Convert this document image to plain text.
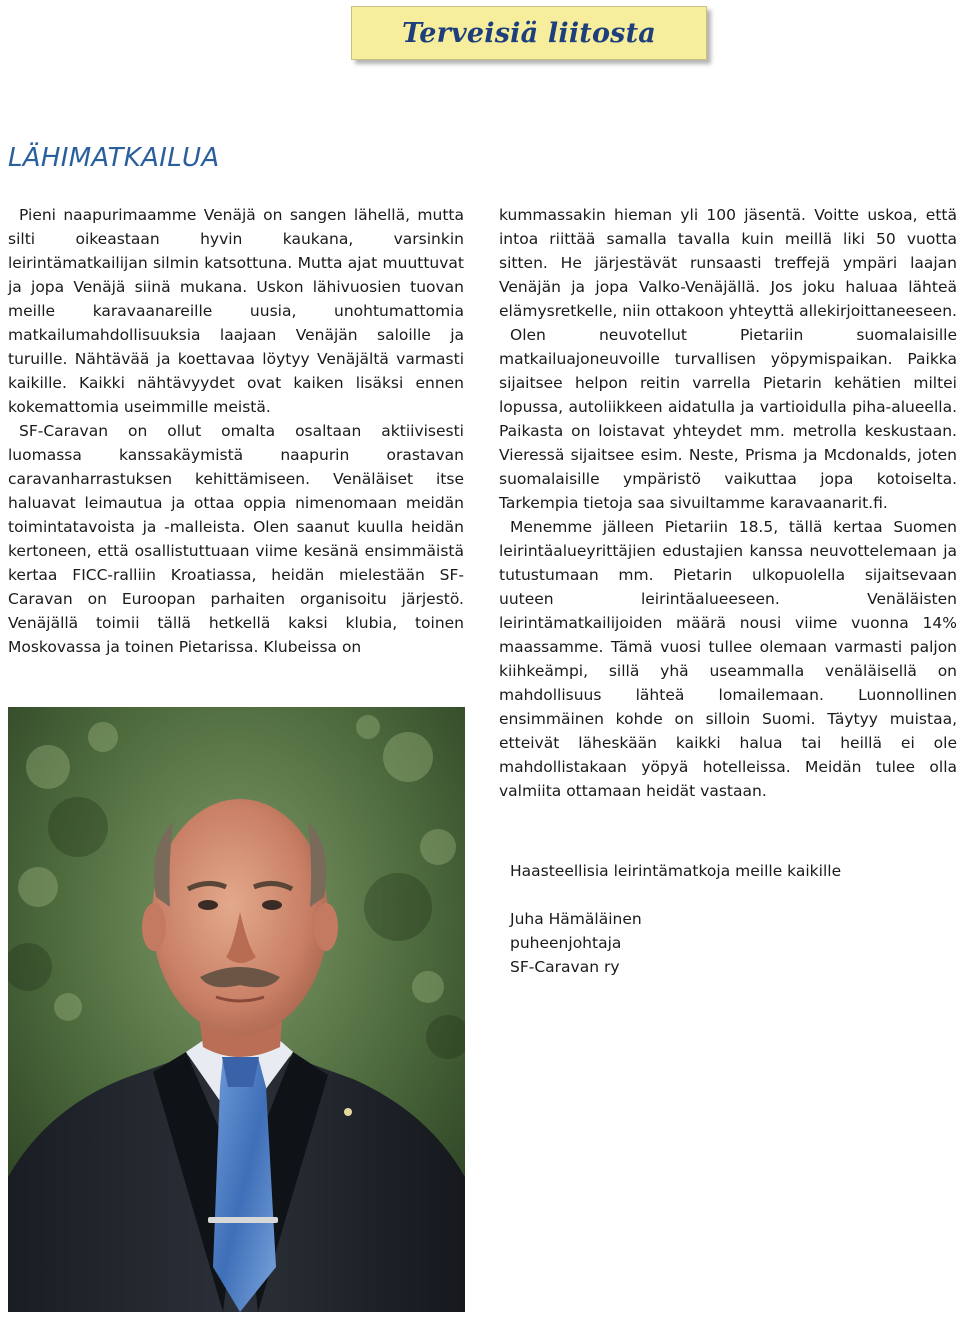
Terveisiä liitosta
LÄHIMATKAILUA

Pieni naapurimaamme Venäjä on sangen lähellä, mutta silti oikeastaan hyvin kaukana, varsinkin leirintämatkailijan silmin katsottuna. Mutta ajat muuttuvat ja jopa Venäjä siinä mukana. Uskon lähivuosien tuovan meille karavaanareille uusia, unohtumattomia matkailumahdollisuuksia laajaan Venäjän saloille ja turuille. Nähtävää ja koettavaa löytyy Venäjältä varmasti kaikille. Kaikki nähtävyydet ovat kaiken lisäksi ennen kokemattomia useimmille meistä.

SF-Caravan on ollut omalta osaltaan aktiivisesti luomassa kanssakäymistä naapurin orastavan caravanharrastuksen kehittämiseen. Venäläiset itse haluavat leimautua ja ottaa oppia nimenomaan meidän toimintatavoista ja -malleista. Olen saanut kuulla heidän kertoneen, että osallistuttuaan viime kesänä ensimmäistä kertaa FICC-ralliin Kroatiassa, heidän mielestään SF-Caravan on Euroopan parhaiten organisoitu järjestö. Venäjällä toimii tällä hetkellä kaksi klubia, toinen Moskovassa ja toinen Pietarissa. Klubeissa on

kummassakin hieman yli 100 jäsentä. Voitte uskoa, että intoa riittää samalla tavalla kuin meillä liki 50 vuotta sitten. He järjestävät runsaasti treffejä ympäri laajan Venäjän ja jopa Valko-Venäjällä. Jos joku haluaa lähteä elämysretkelle, niin ottakoon yhteyttä allekirjoittaneeseen.

Olen neuvotellut Pietariin suomalaisille matkailuajoneuvoille turvallisen yöpymispaikan. Paikka sijaitsee helpon reitin varrella Pietarin kehätien miltei lopussa, autoliikkeen aidatulla ja vartioidulla piha-alueella. Paikasta on loistavat yhteydet mm. metrolla keskustaan. Vieressä sijaitsee esim. Neste, Prisma ja Mcdonalds, joten suomalaisille ympäristö vaikuttaa jopa kotoiselta. Tarkempia tietoja saa sivuiltamme karavaanarit.fi.

Menemme jälleen Pietariin 18.5, tällä kertaa Suomen leirintäalueyrittäjien edustajien kanssa neuvottelemaan ja tutustumaan mm. Pietarin ulkopuolella sijaitsevaan uuteen leirintäalueeseen. Venäläisten leirintämatkailijoiden määrä nousi viime vuonna 14% maassamme. Tämä vuosi tullee olemaan varmasti paljon kiihkeämpi, sillä yhä useammalla venäläisellä on mahdollisuus lähteä lomailemaan. Luonnollinen ensimmäinen kohde on silloin Suomi. Täytyy muistaa, etteivät läheskään kaikki halua tai heillä ei ole mahdollistakaan yöpyä hotelleissa. Meidän tulee olla valmiita ottamaan heidät vastaan.

Haasteellisia leirintämatkoja meille kaikille
Juha Hämäläinen
puheenjohtaja
SF-Caravan ry
